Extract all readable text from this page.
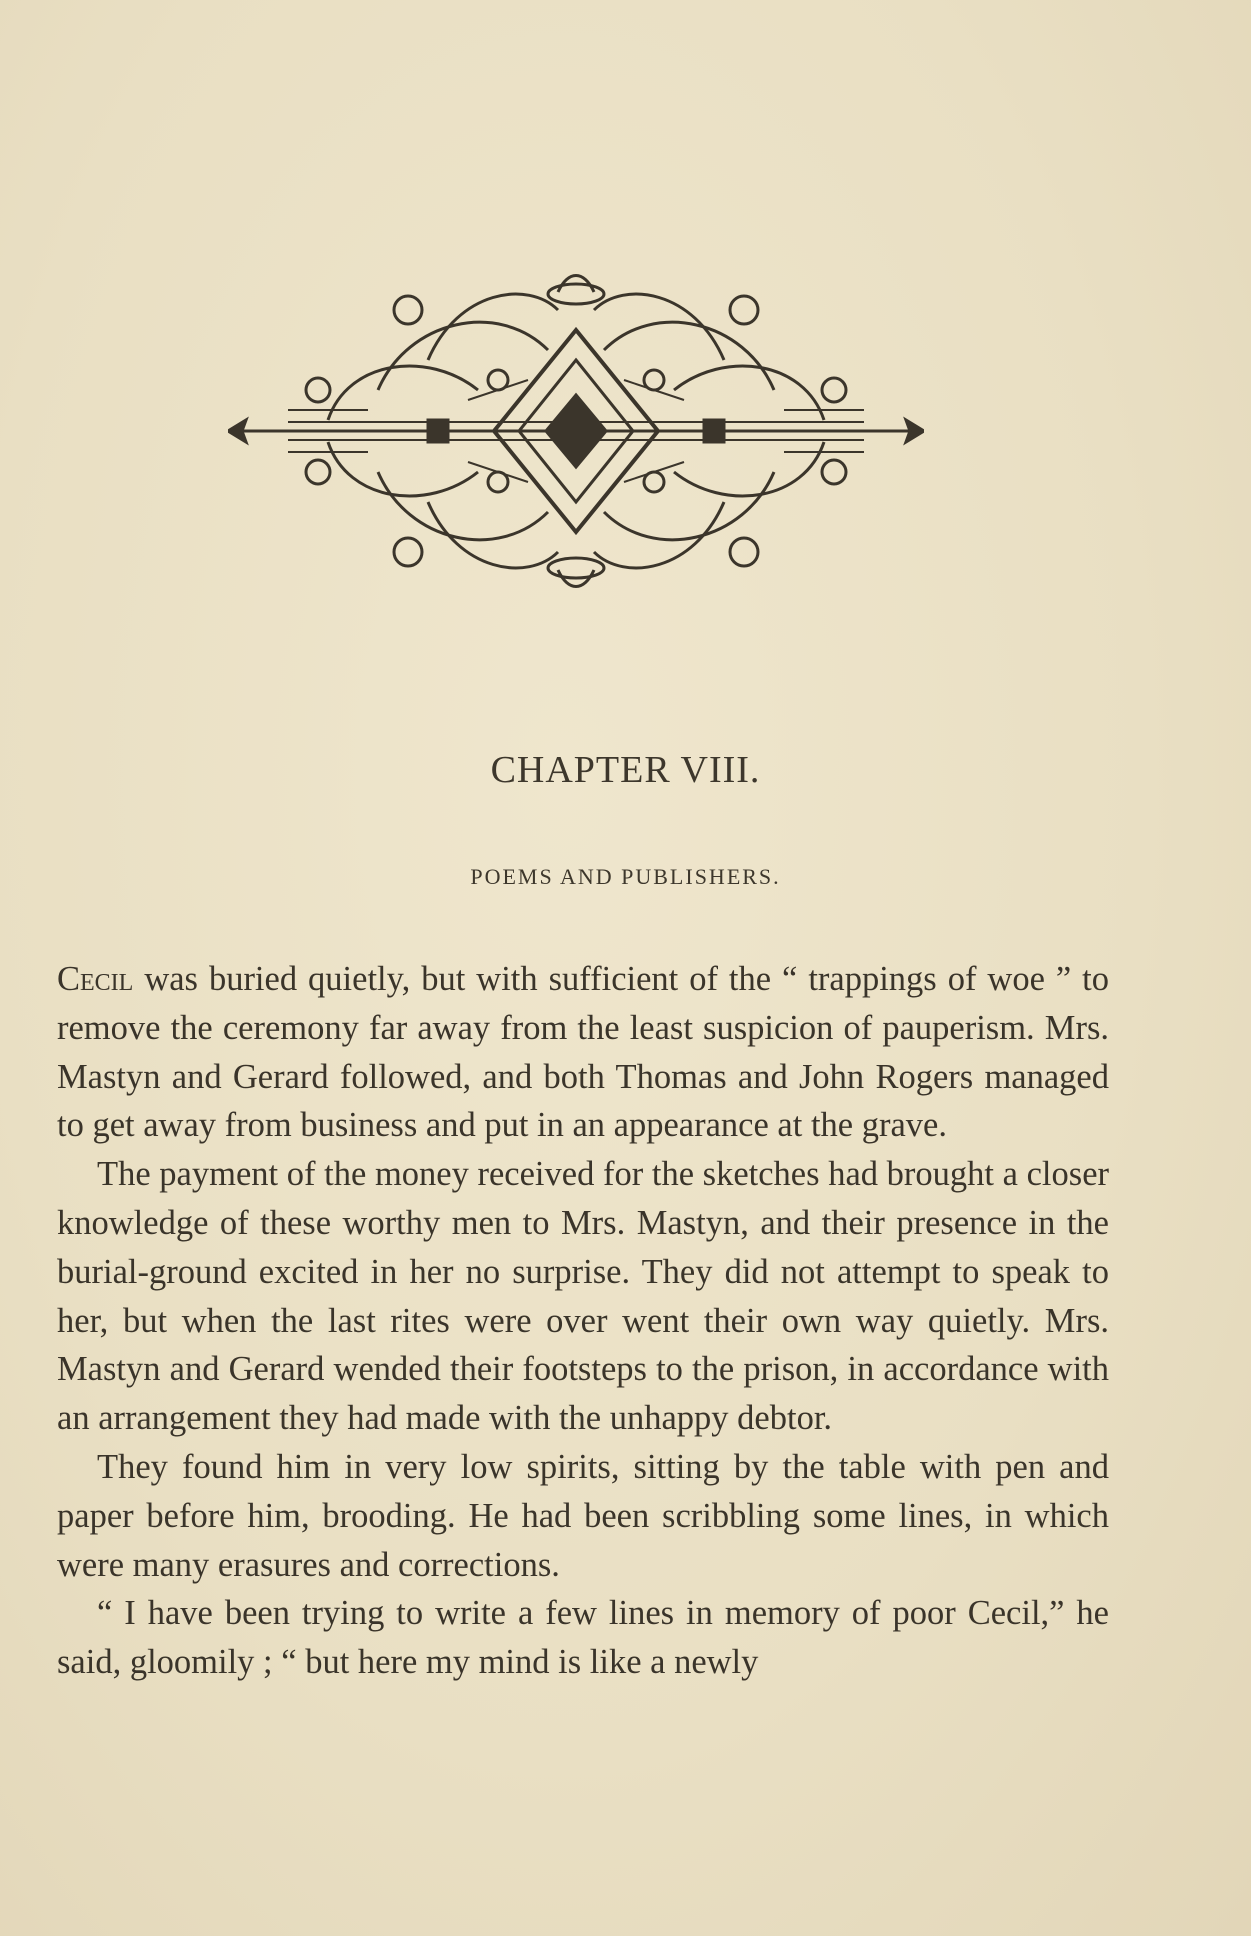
CHAPTER VIII.
POEMS AND PUBLISHERS.

Cecil was buried quietly, but with sufficient of the “ trappings of woe ” to remove the ceremony far away from the least suspicion of pauperism. Mrs. Mastyn and Gerard followed, and both Thomas and John Rogers managed to get away from business and put in an appearance at the grave.

The payment of the money received for the sketches had brought a closer knowledge of these worthy men to Mrs. Mastyn, and their presence in the burial-ground excited in her no surprise. They did not attempt to speak to her, but when the last rites were over went their own way quietly. Mrs. Mastyn and Gerard wended their footsteps to the prison, in accordance with an arrangement they had made with the unhappy debtor.

They found him in very low spirits, sitting by the table with pen and paper before him, brooding. He had been scribbling some lines, in which were many erasures and corrections.

“ I have been trying to write a few lines in memory of poor Cecil,” he said, gloomily ; “ but here my mind is like a newly
